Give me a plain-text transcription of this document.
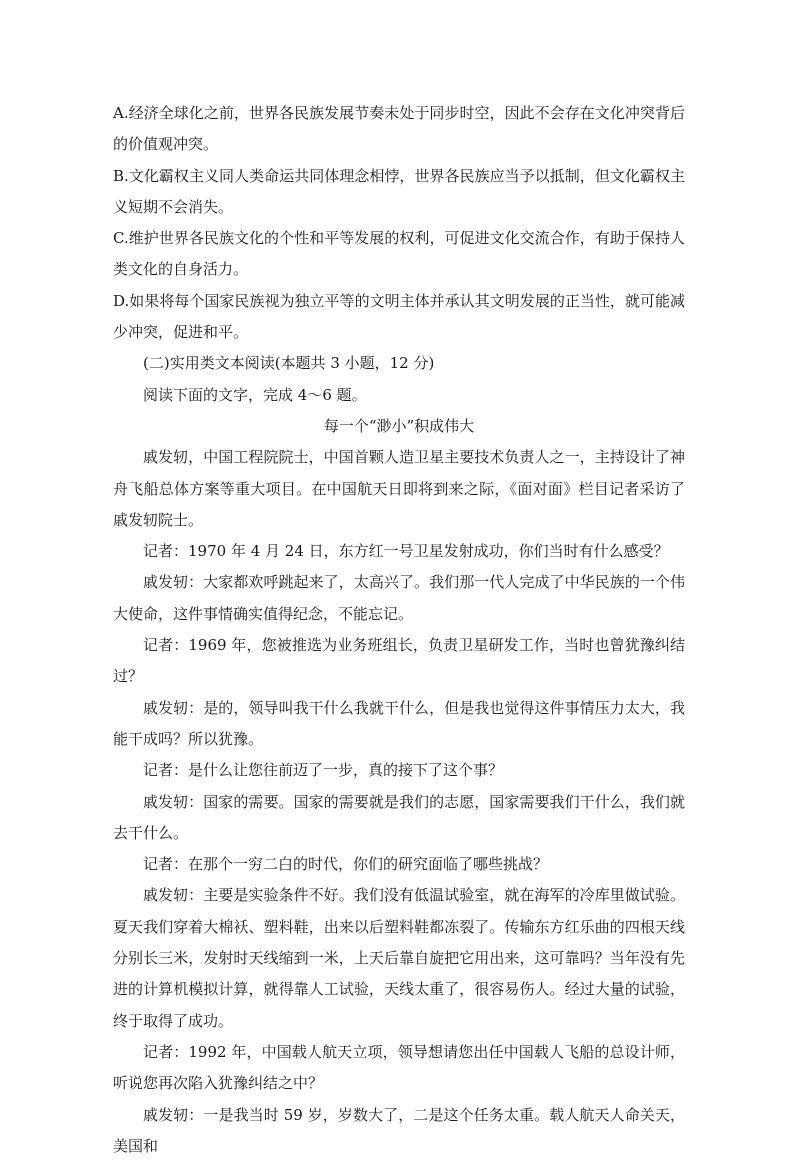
A.经济全球化之前，世界各民族发展节奏未处于同步时空，因此不会存在文化冲突背后的价值观冲突。

B.文化霸权主义同人类命运共同体理念相悖，世界各民族应当予以抵制，但文化霸权主义短期不会消失。

C.维护世界各民族文化的个性和平等发展的权利，可促进文化交流合作，有助于保持人类文化的自身活力。

D.如果将每个国家民族视为独立平等的文明主体并承认其文明发展的正当性，就可能减少冲突，促进和平。

(二)实用类文本阅读(本题共 3 小题，12 分)

阅读下面的文字，完成 4～6 题。

每一个“渺小”积成伟大

戚发轫，中国工程院院士，中国首颗人造卫星主要技术负责人之一，主持设计了神舟飞船总体方案等重大项目。在中国航天日即将到来之际，《面对面》栏目记者采访了戚发轫院士。

记者：1970 年 4 月 24 日，东方红一号卫星发射成功，你们当时有什么感受？

戚发轫：大家都欢呼跳起来了，太高兴了。我们那一代人完成了中华民族的一个伟大使命，这件事情确实值得纪念，不能忘记。

记者：1969 年，您被推选为业务班组长，负责卫星研发工作，当时也曾犹豫纠结过？

戚发轫：是的，领导叫我干什么我就干什么，但是我也觉得这件事情压力太大，我能干成吗？所以犹豫。

记者：是什么让您往前迈了一步，真的接下了这个事？

戚发轫：国家的需要。国家的需要就是我们的志愿，国家需要我们干什么，我们就去干什么。

记者：在那个一穷二白的时代，你们的研究面临了哪些挑战？

戚发轫：主要是实验条件不好。我们没有低温试验室，就在海军的冷库里做试验。夏天我们穿着大棉袄、塑料鞋，出来以后塑料鞋都冻裂了。传输东方红乐曲的四根天线分别长三米，发射时天线缩到一米，上天后靠自旋把它用出来，这可靠吗？当年没有先进的计算机模拟计算，就得靠人工试验，天线太重了，很容易伤人。经过大量的试验，终于取得了成功。

记者：1992 年，中国载人航天立项，领导想请您出任中国载人飞船的总设计师，听说您再次陷入犹豫纠结之中？

戚发轫：一是我当时 59 岁，岁数大了，二是这个任务太重。载人航天人命关天，美国和
